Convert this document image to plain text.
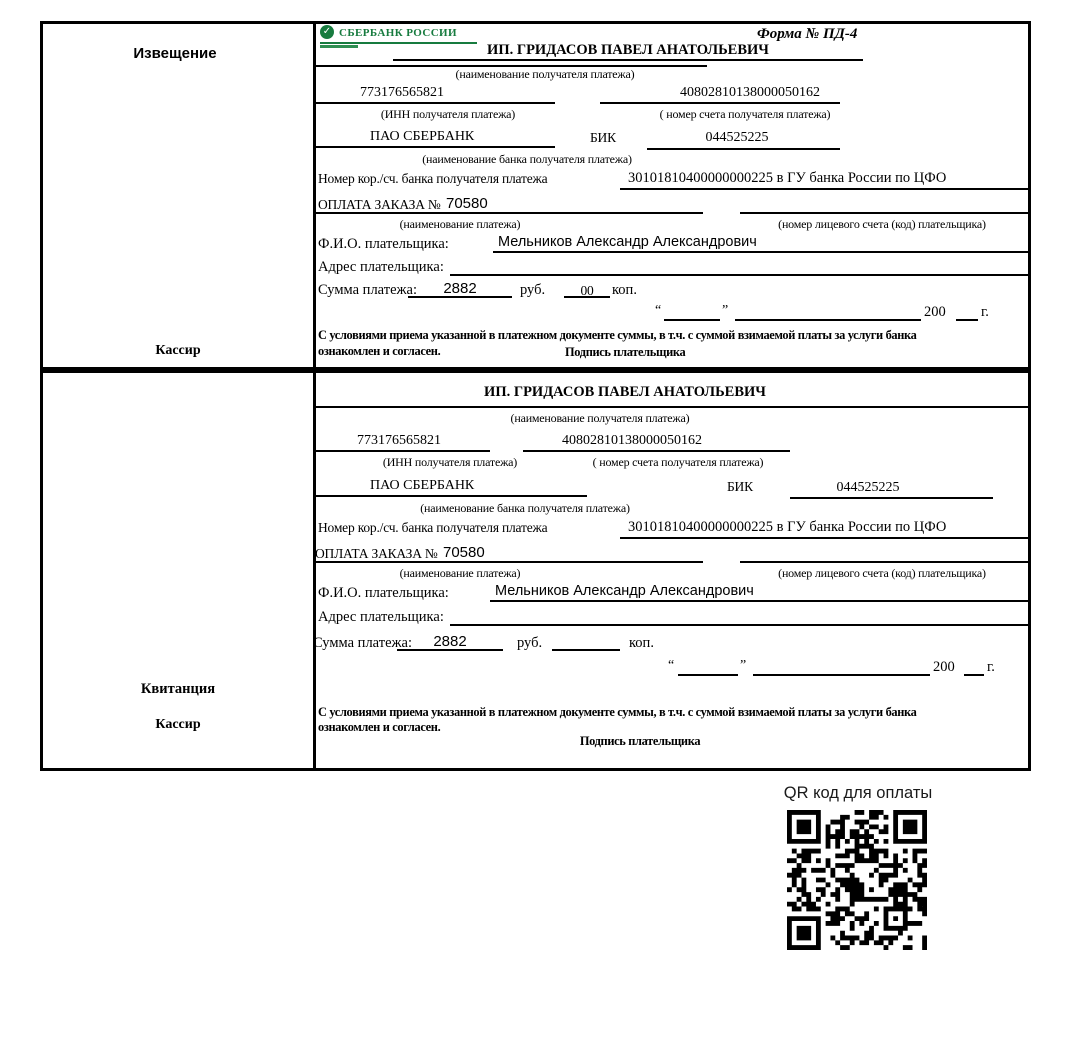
Извещение
Кассир
✓ СБЕРБАНК РОССИИ	Форма № ПД-4
ИП. ГРИДАСОВ ПАВЕЛ АНАТОЛЬЕВИЧ
(наименование получателя платежа)
773176565821	40802810138000050162
(ИНН получателя платежа)	( номер счета получателя платежа)
ПАО СБЕРБАНК	БИК	044525225
(наименование банка получателя платежа)
Номер кор./сч. банка получателя платежа	30101810400000000225 в ГУ банка России по ЦФО
ОПЛАТА ЗАКАЗА № 70580
(наименование платежа)	(номер лицевого счета (код) плательщика)
Ф.И.О. плательщика:	Мельников Александр Александрович
Адрес плательщика:
Сумма платежа: 2882	руб.	00 коп.
“	”	200 г.
С условиями приема указанной в платежном документе суммы, в т.ч. с суммой взимаемой платы за услуги банка
ознакомлен и согласен.	Подпись плательщика
Квитанция
Кассир
ИП. ГРИДАСОВ ПАВЕЛ АНАТОЛЬЕВИЧ
(наименование получателя платежа)
773176565821	40802810138000050162
(ИНН получателя платежа)	( номер счета получателя платежа)
ПАО СБЕРБАНК	БИК	044525225
(наименование банка получателя платежа)
Номер кор./сч. банка получателя платежа	30101810400000000225 в ГУ банка России по ЦФО
ОПЛАТА ЗАКАЗА № 70580
(наименование платежа)	(номер лицевого счета (код) плательщика)
Ф.И.О. плательщика:	Мельников Александр Александрович
Адрес плательщика:
Сумма платежа: 2882	руб.	коп.
“	”	200 г.
С условиями приема указанной в платежном документе суммы, в т.ч. с суммой взимаемой платы за услуги банка
ознакомлен и согласен.
Подпись плательщика
QR код для оплаты
